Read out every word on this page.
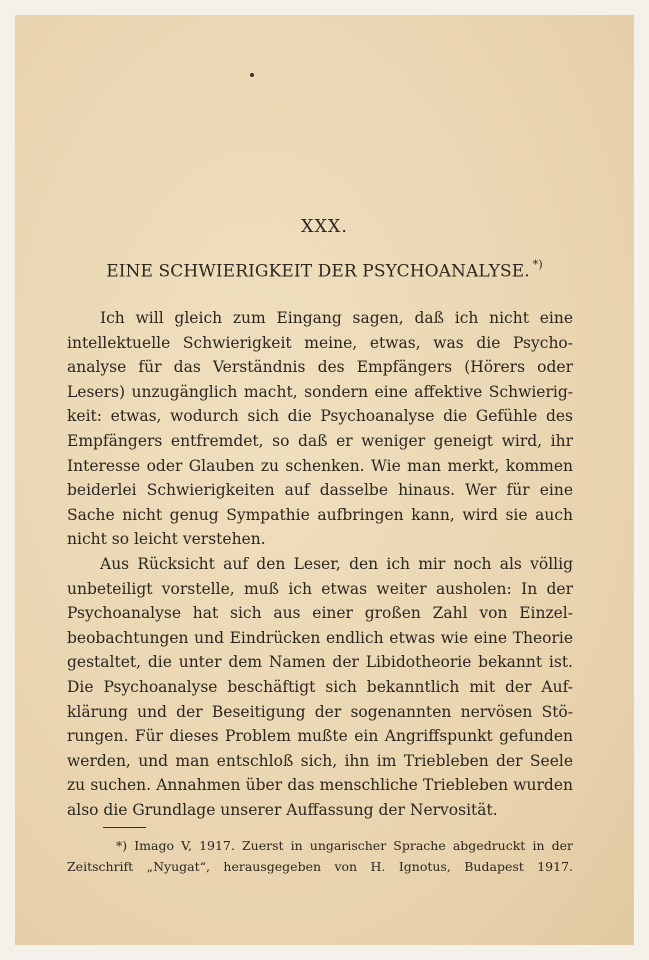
XXX.
EINE SCHWIERIGKEIT DER PSYCHOANALYSE. *)
Ich will gleich zum Eingang sagen, daß ich nicht eine
intellektuelle Schwierigkeit meine, etwas, was die Psycho-
analyse für das Verständnis des Empfängers (Hörers oder
Lesers) unzugänglich macht, sondern eine affektive Schwierig-
keit: etwas, wodurch sich die Psychoanalyse die Gefühle des
Empfängers entfremdet, so daß er weniger geneigt wird, ihr
Interesse oder Glauben zu schenken. Wie man merkt, kommen
beiderlei Schwierigkeiten auf dasselbe hinaus. Wer für eine
Sache nicht genug Sympathie aufbringen kann, wird sie auch
nicht so leicht verstehen.
Aus Rücksicht auf den Leser, den ich mir noch als völlig
unbeteiligt vorstelle, muß ich etwas weiter ausholen: In der
Psychoanalyse hat sich aus einer großen Zahl von Einzel-
beobachtungen und Eindrücken endlich etwas wie eine Theorie
gestaltet, die unter dem Namen der Libidotheorie bekannt ist.
Die Psychoanalyse beschäftigt sich bekanntlich mit der Auf-
klärung und der Beseitigung der sogenannten nervösen Stö-
rungen. Für dieses Problem mußte ein Angriffspunkt gefunden
werden, und man entschloß sich, ihn im Triebleben der Seele
zu suchen. Annahmen über das menschliche Triebleben wurden
also die Grundlage unserer Auffassung der Nervosität.
*) Imago V, 1917. Zuerst in ungarischer Sprache abgedruckt in der
Zeitschrift „Nyugat“, herausgegeben von H. Ignotus, Budapest 1917.
